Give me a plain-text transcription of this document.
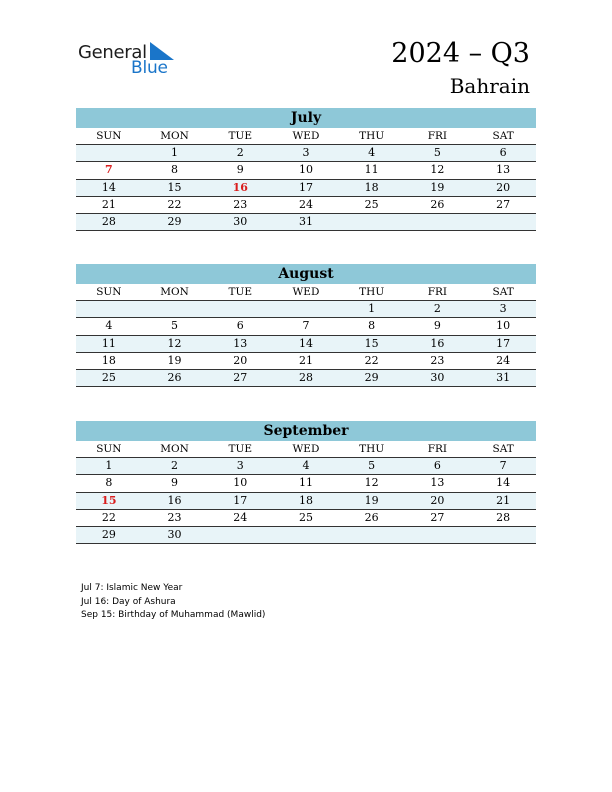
General
Blue	2024 – Q3
Bahrain
July
SUN	MON	TUE	WED	THU	FRI	SAT
	1	2	3	4	5	6
7	8	9	10	11	12	13
14	15	16	17	18	19	20
21	22	23	24	25	26	27
28	29	30	31			
August
SUN	MON	TUE	WED	THU	FRI	SAT
				1	2	3
4	5	6	7	8	9	10
11	12	13	14	15	16	17
18	19	20	21	22	23	24
25	26	27	28	29	30	31
September
SUN	MON	TUE	WED	THU	FRI	SAT
1	2	3	4	5	6	7
8	9	10	11	12	13	14
15	16	17	18	19	20	21
22	23	24	25	26	27	28
29	30					
Jul 7: Islamic New Year
Jul 16: Day of Ashura
Sep 15: Birthday of Muhammad (Mawlid)
